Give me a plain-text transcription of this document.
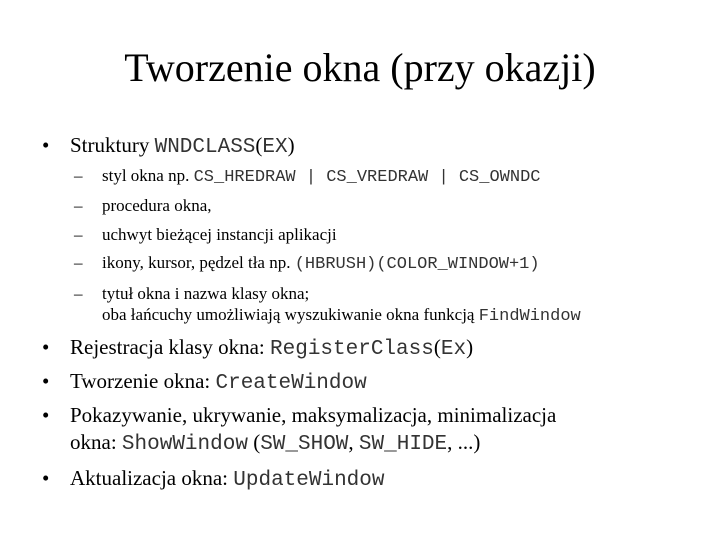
Tworzenie okna (przy okazji)
• Struktury WNDCLASS(EX)
– styl okna np. CS_HREDRAW | CS_VREDRAW | CS_OWNDC
– procedura okna,
– uchwyt bieżącej instancji aplikacji
– ikony, kursor, pędzel tła np. (HBRUSH)(COLOR_WINDOW+1)
– tytuł okna i nazwa klasy okna;
oba łańcuchy umożliwiają wyszukiwanie okna funkcją FindWindow
• Rejestracja klasy okna: RegisterClass(Ex)
• Tworzenie okna: CreateWindow
• Pokazywanie, ukrywanie, maksymalizacja, minimalizacja
okna: ShowWindow (SW_SHOW, SW_HIDE, ...)
• Aktualizacja okna: UpdateWindow
